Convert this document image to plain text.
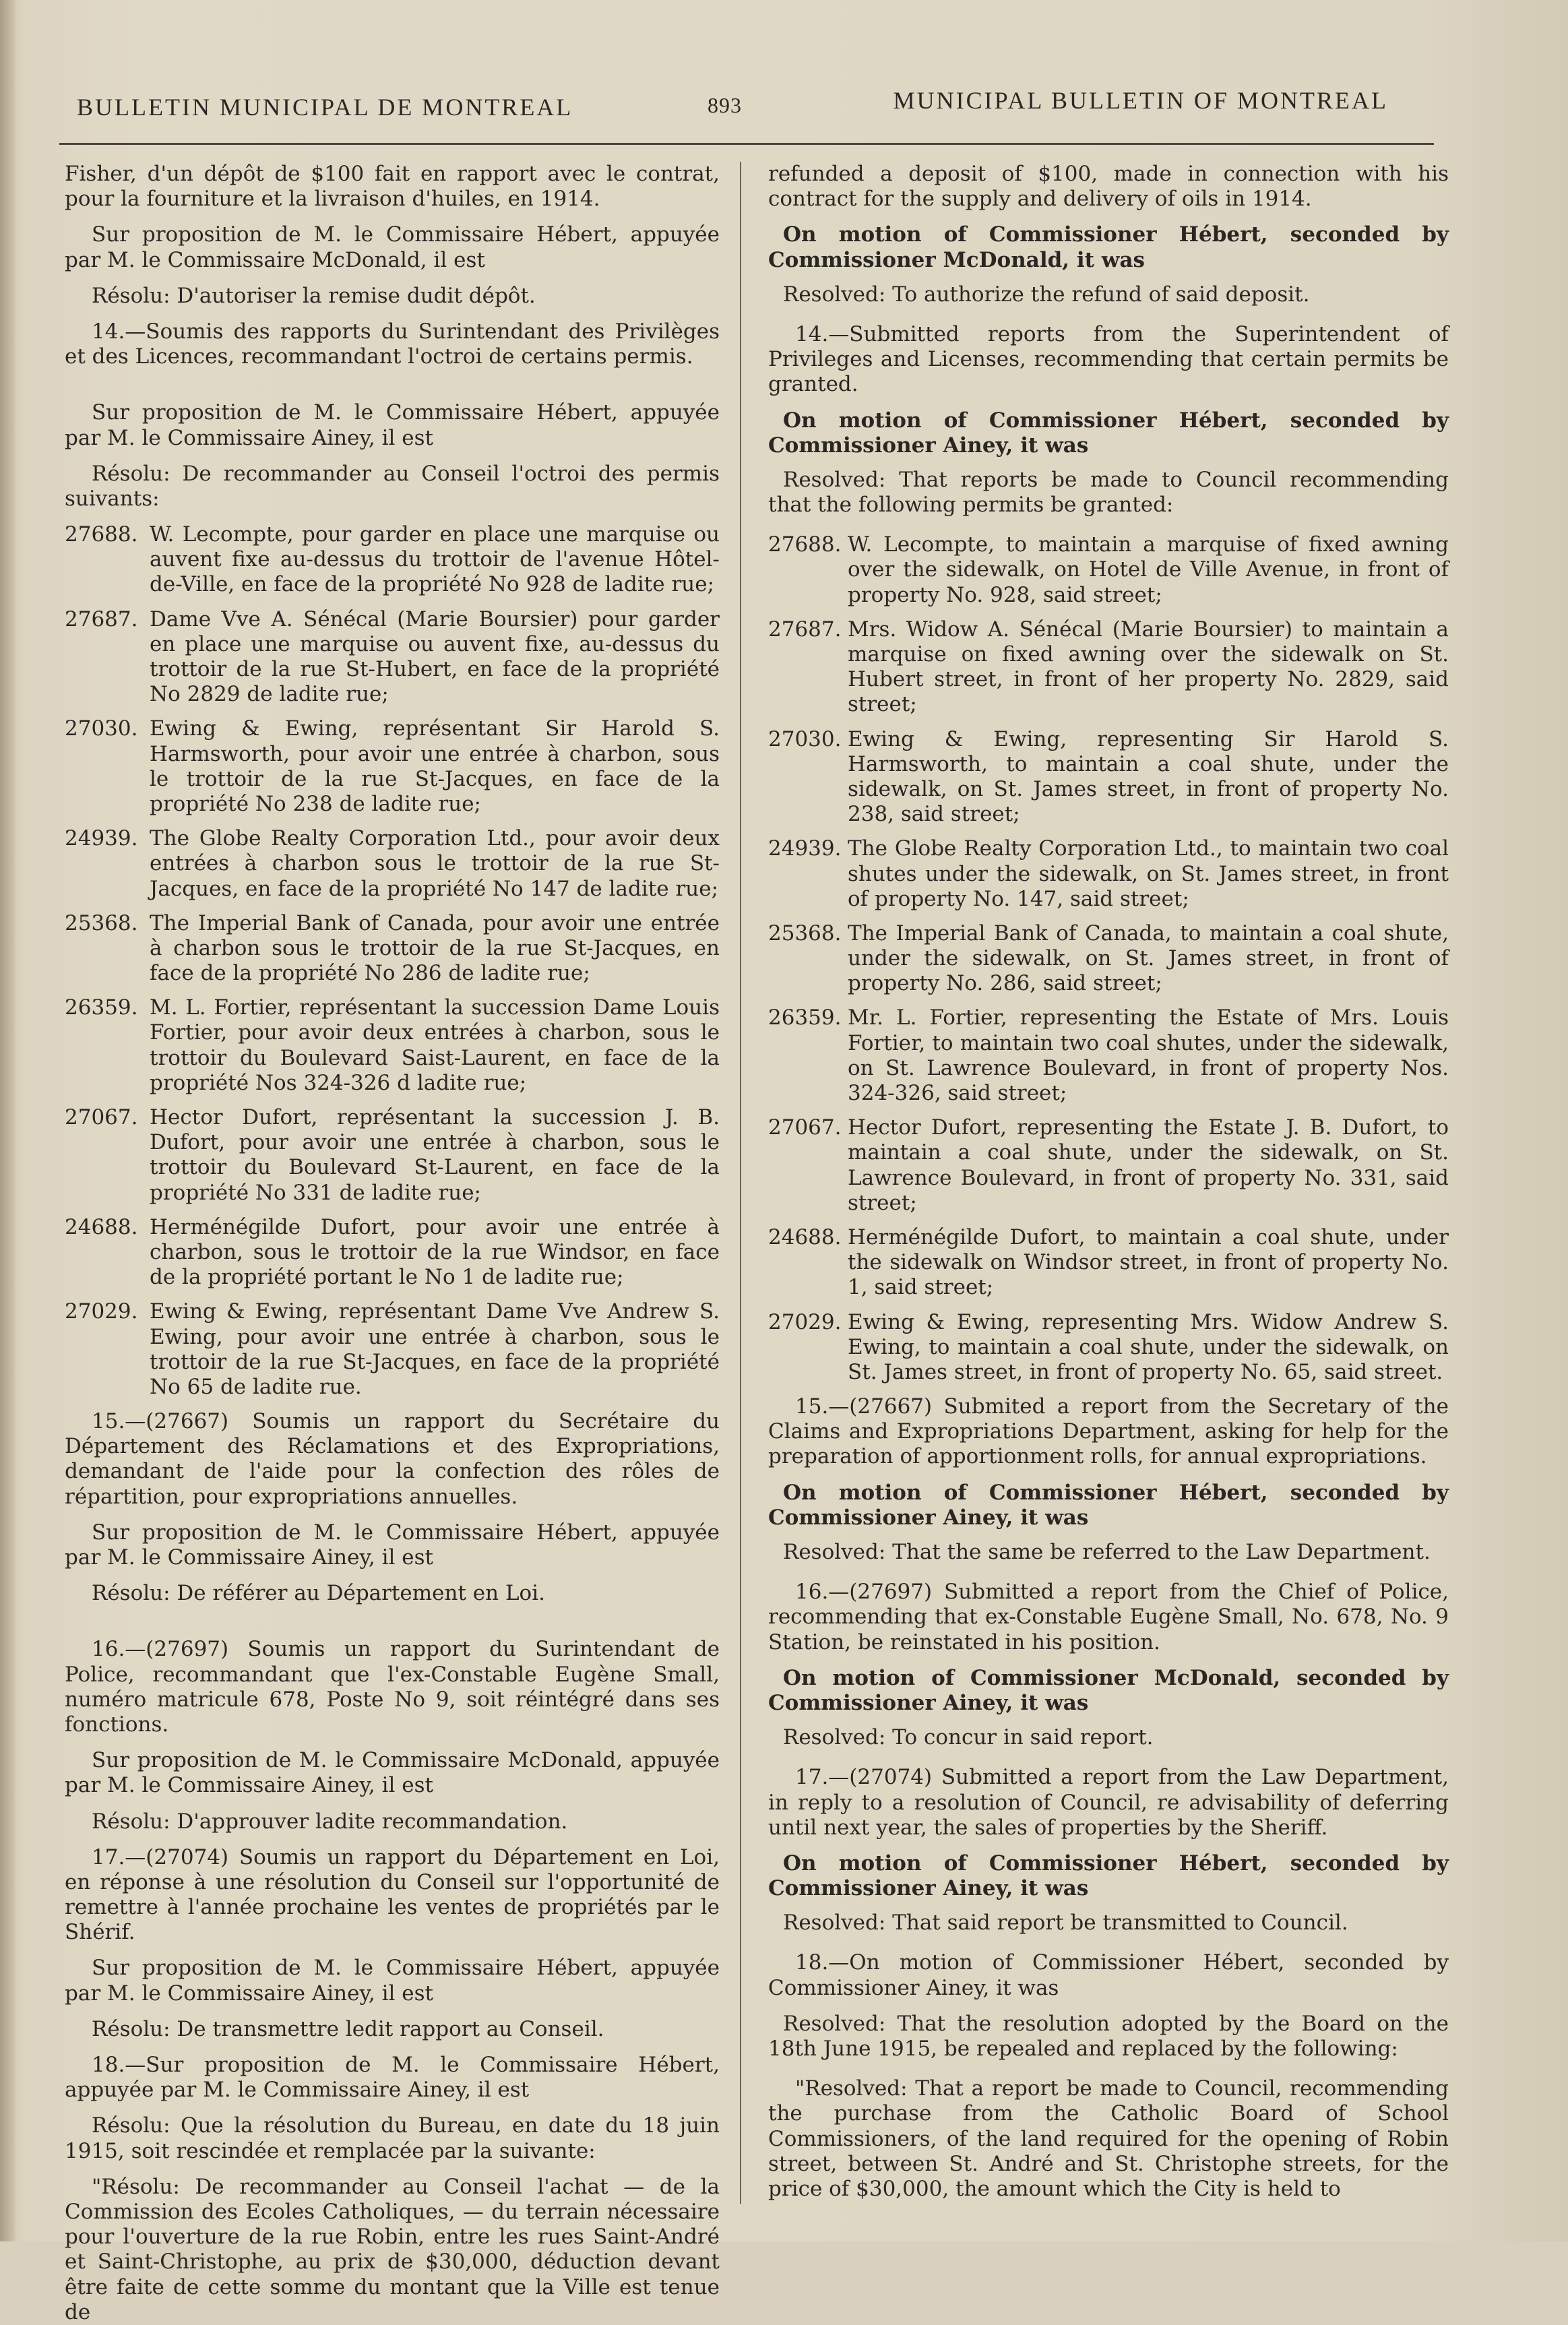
BULLETIN MUNICIPAL DE MONTREAL	893	MUNICIPAL BULLETIN OF MONTREAL

Fisher, d'un dépôt de $100 fait en rapport avec le contrat, pour la fourniture et la livraison d'huiles, en 1914.

Sur proposition de M. le Commissaire Hébert, appuyée par M. le Commissaire McDonald, il est

Résolu: D'autoriser la remise dudit dépôt.

14.—Soumis des rapports du Surintendant des Privilèges et des Licences, recommandant l'octroi de certains permis.

Sur proposition de M. le Commissaire Hébert, appuyée par M. le Commissaire Ainey, il est

Résolu: De recommander au Conseil l'octroi des permis suivants:

27688. W. Lecompte, pour garder en place une marquise ou auvent fixe au-dessus du trottoir de l'avenue Hôtel-de-Ville, en face de la propriété No 928 de ladite rue;
27687. Dame Vve A. Sénécal (Marie Boursier) pour garder en place une marquise ou auvent fixe, au-dessus du trottoir de la rue St-Hubert, en face de la propriété No 2829 de ladite rue;
27030. Ewing & Ewing, représentant Sir Harold S. Harmsworth, pour avoir une entrée à charbon, sous le trottoir de la rue St-Jacques, en face de la propriété No 238 de ladite rue;
24939. The Globe Realty Corporation Ltd., pour avoir deux entrées à charbon sous le trottoir de la rue St-Jacques, en face de la propriété No 147 de ladite rue;
25368. The Imperial Bank of Canada, pour avoir une entrée à charbon sous le trottoir de la rue St-Jacques, en face de la propriété No 286 de ladite rue;
26359. M. L. Fortier, représentant la succession Dame Louis Fortier, pour avoir deux entrées à charbon, sous le trottoir du Boulevard Saist-Laurent, en face de la propriété Nos 324-326 d ladite rue;
27067. Hector Dufort, représentant la succession J. B. Dufort, pour avoir une entrée à charbon, sous le trottoir du Boulevard St-Laurent, en face de la propriété No 331 de ladite rue;
24688. Herménégilde Dufort, pour avoir une entrée à charbon, sous le trottoir de la rue Windsor, en face de la propriété portant le No 1 de ladite rue;
27029. Ewing & Ewing, représentant Dame Vve Andrew S. Ewing, pour avoir une entrée à charbon, sous le trottoir de la rue St-Jacques, en face de la propriété No 65 de ladite rue.

15.—(27667) Soumis un rapport du Secrétaire du Département des Réclamations et des Expropriations, demandant de l'aide pour la confection des rôles de répartition, pour expropriations annuelles.

Sur proposition de M. le Commissaire Hébert, appuyée par M. le Commissaire Ainey, il est

Résolu: De référer au Département en Loi.

16.—(27697) Soumis un rapport du Surintendant de Police, recommandant que l'ex-Constable Eugène Small, numéro matricule 678, Poste No 9, soit réintégré dans ses fonctions.

Sur proposition de M. le Commissaire McDonald, appuyée par M. le Commissaire Ainey, il est

Résolu: D'approuver ladite recommandation.

17.—(27074) Soumis un rapport du Département en Loi, en réponse à une résolution du Conseil sur l'opportunité de remettre à l'année prochaine les ventes de propriétés par le Shérif.

Sur proposition de M. le Commissaire Hébert, appuyée par M. le Commissaire Ainey, il est

Résolu: De transmettre ledit rapport au Conseil.

18.—Sur proposition de M. le Commissaire Hébert, appuyée par M. le Commissaire Ainey, il est

Résolu: Que la résolution du Bureau, en date du 18 juin 1915, soit rescindée et remplacée par la suivante:

"Résolu: De recommander au Conseil l'achat — de la Commission des Ecoles Catholiques, — du terrain nécessaire pour l'ouverture de la rue Robin, entre les rues Saint-André et Saint-Christophe, au prix de $30,000, déduction devant être faite de cette somme du montant que la Ville est tenue de

refunded a deposit of $100, made in connection with his contract for the supply and delivery of oils in 1914.

On motion of Commissioner Hébert, seconded by Commissioner McDonald, it was

Resolved: To authorize the refund of said deposit.

14.—Submitted reports from the Superintendent of Privileges and Licenses, recommending that certain permits be granted.

On motion of Commissioner Hébert, seconded by Commissioner Ainey, it was

Resolved: That reports be made to Council recommending that the following permits be granted:

27688. W. Lecompte, to maintain a marquise of fixed awning over the sidewalk, on Hotel de Ville Avenue, in front of property No. 928, said street;
27687. Mrs. Widow A. Sénécal (Marie Boursier) to maintain a marquise on fixed awning over the sidewalk on St. Hubert street, in front of her property No. 2829, said street;
27030. Ewing & Ewing, representing Sir Harold S. Harmsworth, to maintain a coal shute, under the sidewalk, on St. James street, in front of property No. 238, said street;
24939. The Globe Realty Corporation Ltd., to maintain two coal shutes under the sidewalk, on St. James street, in front of property No. 147, said street;
25368. The Imperial Bank of Canada, to maintain a coal shute, under the sidewalk, on St. James street, in front of property No. 286, said street;
26359. Mr. L. Fortier, representing the Estate of Mrs. Louis Fortier, to maintain two coal shutes, under the sidewalk, on St. Lawrence Boulevard, in front of property Nos. 324-326, said street;
27067. Hector Dufort, representing the Estate J. B. Dufort, to maintain a coal shute, under the sidewalk, on St. Lawrence Boulevard, in front of property No. 331, said street;
24688. Herménégilde Dufort, to maintain a coal shute, under the sidewalk on Windsor street, in front of property No. 1, said street;
27029. Ewing & Ewing, representing Mrs. Widow Andrew S. Ewing, to maintain a coal shute, under the sidewalk, on St. James street, in front of property No. 65, said street.

15.—(27667) Submited a report from the Secretary of the Claims and Expropriations Department, asking for help for the preparation of apportionment rolls, for annual expropriations.

On motion of Commissioner Hébert, seconded by Commissioner Ainey, it was

Resolved: That the same be referred to the Law Department.

16.—(27697) Submitted a report from the Chief of Police, recommending that ex-Constable Eugène Small, No. 678, No. 9 Station, be reinstated in his position.

On motion of Commissioner McDonald, seconded by Commissioner Ainey, it was

Resolved: To concur in said report.

17.—(27074) Submitted a report from the Law Department, in reply to a resolution of Council, re advisability of deferring until next year, the sales of properties by the Sheriff.

On motion of Commissioner Hébert, seconded by Commissioner Ainey, it was

Resolved: That said report be transmitted to Council.

18.—On motion of Commissioner Hébert, seconded by Commissioner Ainey, it was

Resolved: That the resolution adopted by the Board on the 18th June 1915, be repealed and replaced by the following:

"Resolved: That a report be made to Council, recommending the purchase from the Catholic Board of School Commissioners, of the land required for the opening of Robin street, between St. André and St. Christophe streets, for the price of $30,000, the amount which the City is held to
